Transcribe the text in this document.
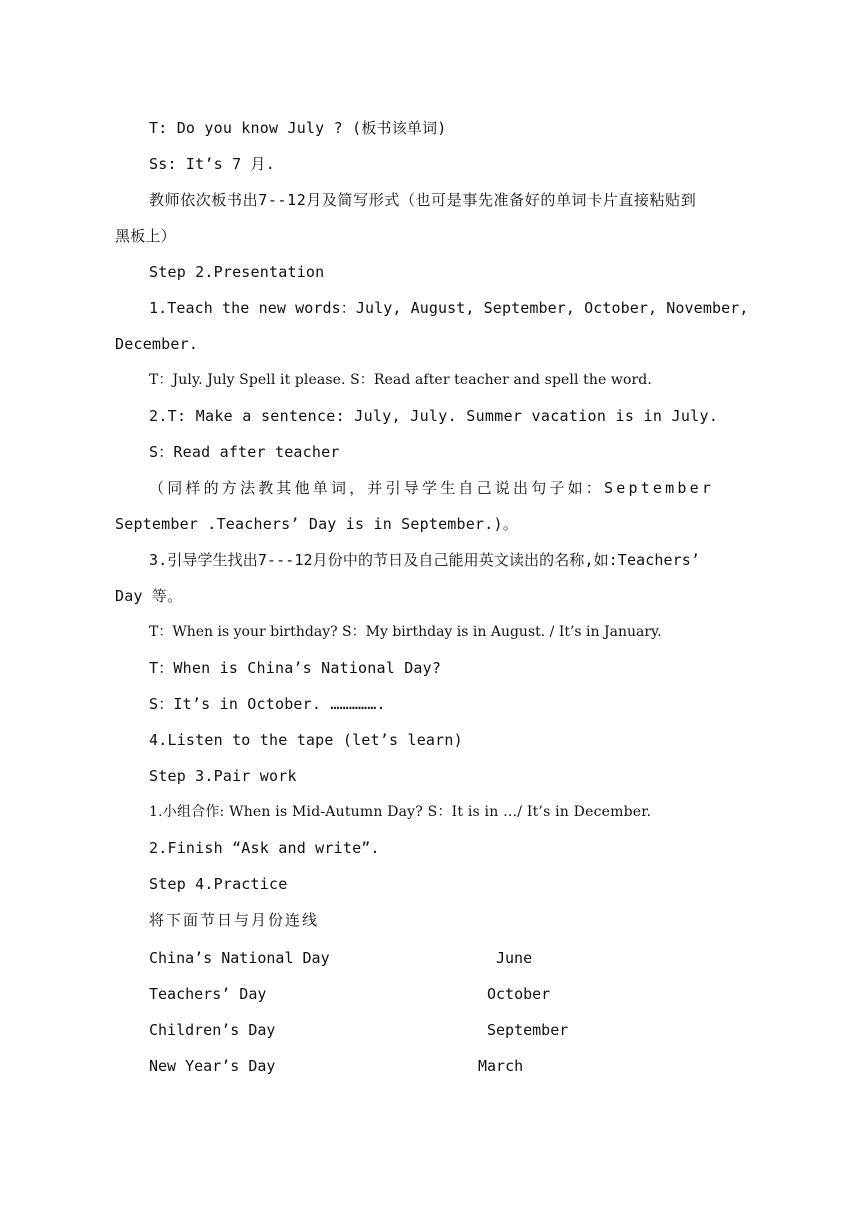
T: Do you know July ? (板书该单词)
Ss: It’s 7 月.
教师依次板书出7--12月及简写形式（也可是事先准备好的单词卡片直接粘贴到
黑板上）
Step 2.Presentation
1.Teach the new words：July, August, September, October, November,
December.
T：July. July Spell it please. S：Read after teacher and spell the word.
2.T: Make a sentence: July, July. Summer vacation is in July.
S：Read after teacher
（同样的方法教其他单词，并引导学生自己说出句子如：September
September .Teachers’ Day is in September.)。
3.引导学生找出7---12月份中的节日及自己能用英文读出的名称,如:Teachers’
Day 等。
T：When is your birthday? S：My birthday is in August. / It’s in January.
T：When is China’s National Day?
S：It’s in October. …………….
4.Listen to the tape (let’s learn)
Step 3.Pair work
1.小组合作: When is Mid-Autumn Day? S：It is in …/ It’s in December.
2.Finish “Ask and write”.
Step 4.Practice
将下面节日与月份连线
China’s National Day	June
Teachers’ Day	October
Children’s Day	September
New Year’s Day	March
